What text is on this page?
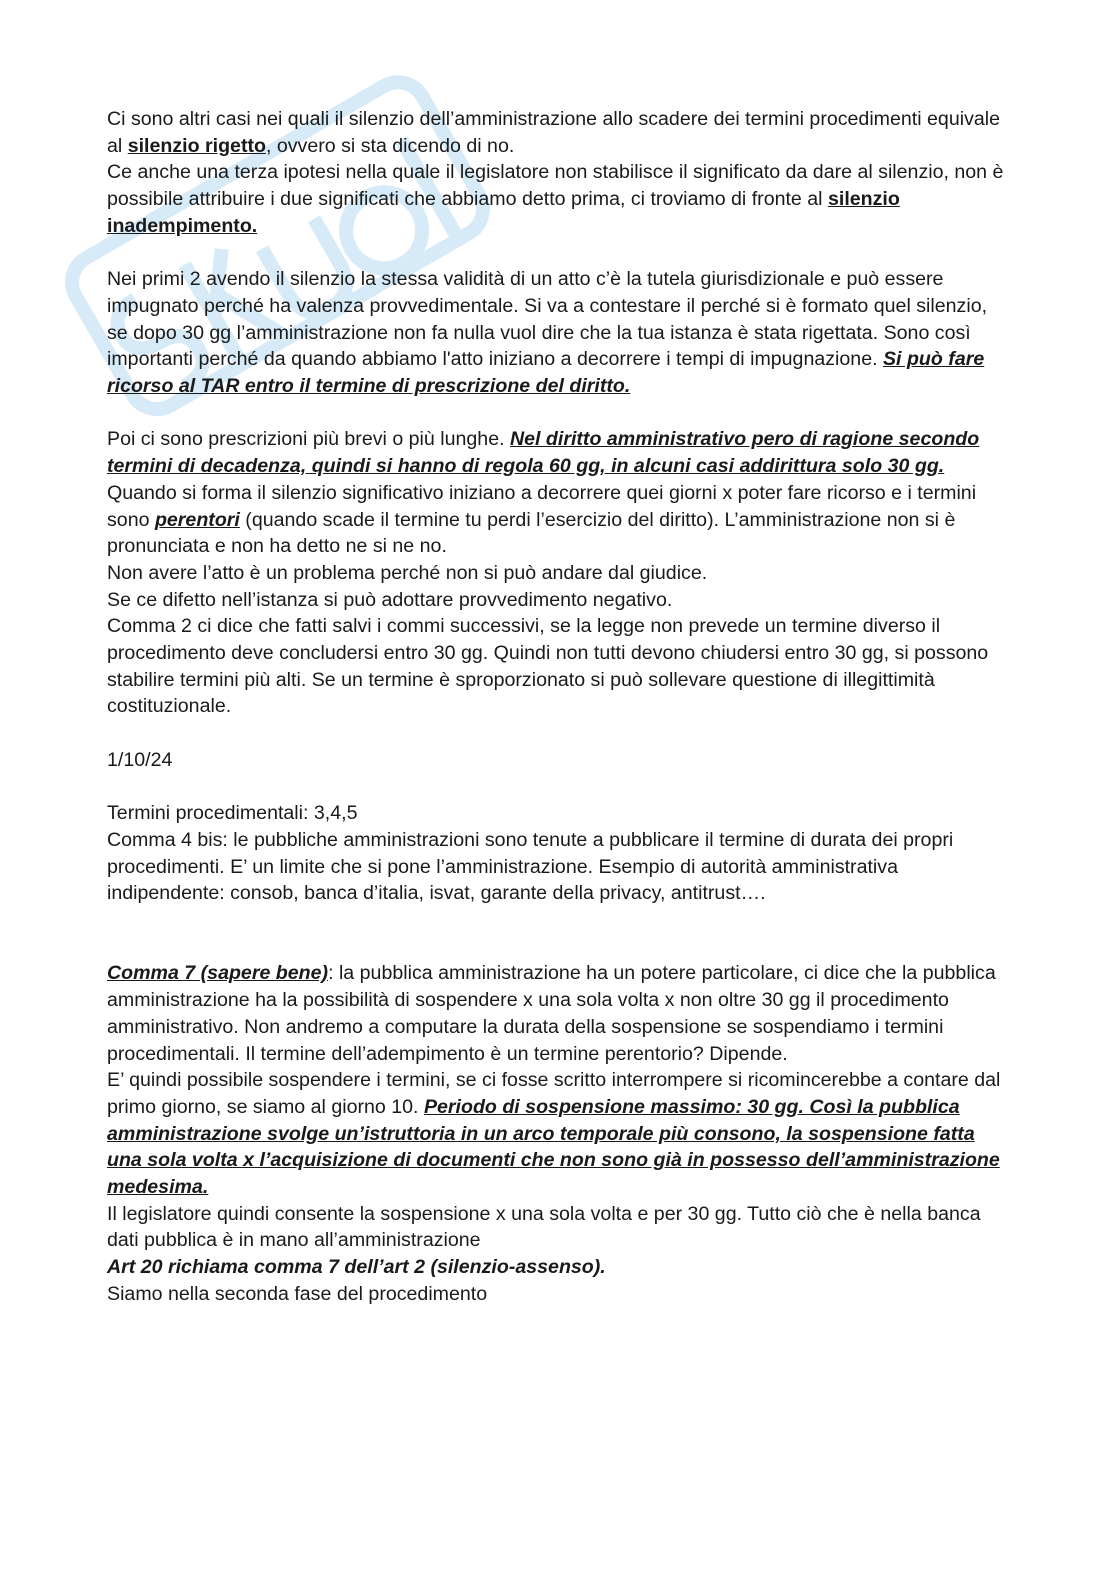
Ci sono altri casi nei quali il silenzio dell’amministrazione allo scadere dei termini procedimenti equivale al silenzio rigetto, ovvero si sta dicendo di no.

Ce anche una terza ipotesi nella quale il legislatore non stabilisce il significato da dare al silenzio, non è possibile attribuire i due significati che abbiamo detto prima, ci troviamo di fronte al silenzio inadempimento.

Nei primi 2 avendo il silenzio la stessa validità di un atto c’è la tutela giurisdizionale e può essere impugnato perché ha valenza provvedimentale. Si va a contestare il perché si è formato quel silenzio, se dopo 30 gg l’amministrazione non fa nulla vuol dire che la tua istanza è stata rigettata. Sono così importanti perché da quando abbiamo l'atto iniziano a decorrere i tempi di impugnazione. Si può fare ricorso al TAR entro il termine di prescrizione del diritto.

Poi ci sono prescrizioni più brevi o più lunghe. Nel diritto amministrativo pero di ragione secondo termini di decadenza, quindi si hanno di regola 60 gg, in alcuni casi addirittura solo 30 gg. Quando si forma il silenzio significativo iniziano a decorrere quei giorni x poter fare ricorso e i termini sono perentori (quando scade il termine tu perdi l’esercizio del diritto). L’amministrazione non si è pronunciata e non ha detto ne si ne no.

Non avere l’atto è un problema perché non si può andare dal giudice.

Se ce difetto nell’istanza si può adottare provvedimento negativo.

Comma 2 ci dice che fatti salvi i commi successivi, se la legge non prevede un termine diverso il procedimento deve concludersi entro 30 gg. Quindi non tutti devono chiudersi entro 30 gg, si possono stabilire termini più alti. Se un termine è sproporzionato si può sollevare questione di illegittimità costituzionale.

1/10/24

Termini procedimentali: 3,4,5

Comma 4 bis: le pubbliche amministrazioni sono tenute a pubblicare il termine di durata dei propri procedimenti. E’ un limite che si pone l’amministrazione. Esempio di autorità amministrativa indipendente: consob, banca d’italia, isvat, garante della privacy, antitrust….

Comma 7 (sapere bene): la pubblica amministrazione ha un potere particolare, ci dice che la pubblica amministrazione ha la possibilità di sospendere x una sola volta x non oltre 30 gg il procedimento amministrativo. Non andremo a computare la durata della sospensione se sospendiamo i termini procedimentali. Il termine dell’adempimento è un termine perentorio? Dipende.

E’ quindi possibile sospendere i termini, se ci fosse scritto interrompere si ricomincerebbe a contare dal primo giorno, se siamo al giorno 10. Periodo di sospensione massimo: 30 gg. Così la pubblica amministrazione svolge un’istruttoria in un arco temporale più consono, la sospensione fatta una sola volta x l’acquisizione di documenti che non sono già in possesso dell’amministrazione medesima.

Il legislatore quindi consente la sospensione x una sola volta e per 30 gg. Tutto ciò che è nella banca dati pubblica è in mano all’amministrazione

Art 20 richiama comma 7 dell’art 2 (silenzio-assenso).

Siamo nella seconda fase del procedimento
